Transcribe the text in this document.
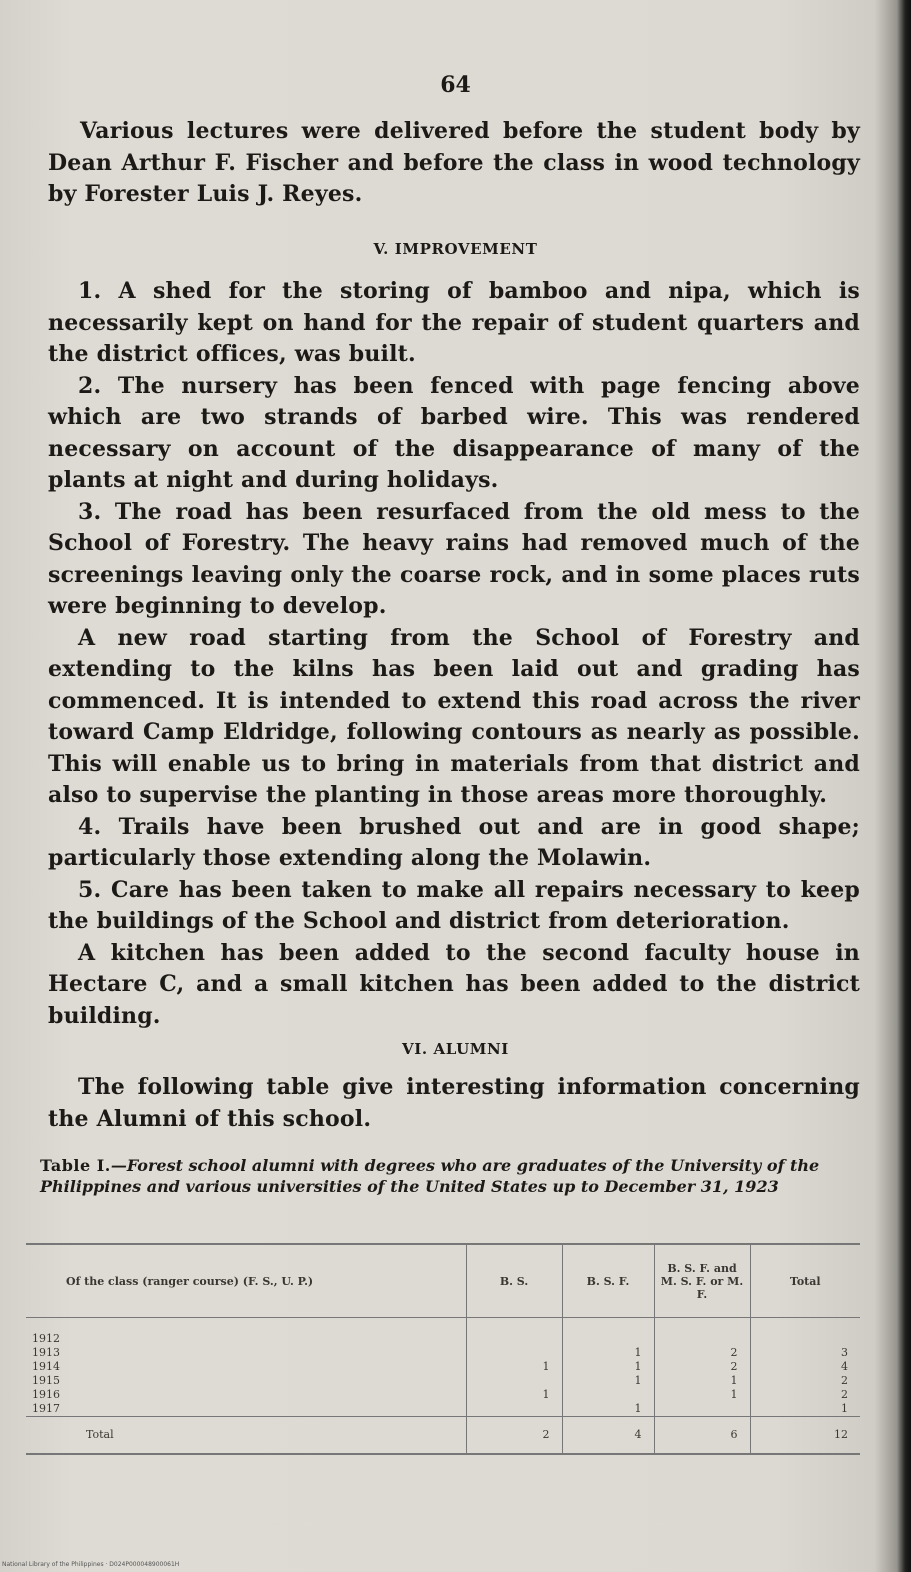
64

Various lectures were delivered before the student body by Dean Arthur F. Fischer and before the class in wood technology by Forester Luis J. Reyes.

V. IMPROVEMENT

1. A shed for the storing of bamboo and nipa, which is necessarily kept on hand for the repair of student quarters and the district offices, was built.

2. The nursery has been fenced with page fencing above which are two strands of barbed wire. This was rendered necessary on account of the disappearance of many of the plants at night and during holidays.

3. The road has been resurfaced from the old mess to the School of Forestry. The heavy rains had removed much of the screenings leaving only the coarse rock, and in some places ruts were beginning to develop.

A new road starting from the School of Forestry and extending to the kilns has been laid out and grading has commenced. It is intended to extend this road across the river toward Camp Eldridge, following contours as nearly as possible. This will enable us to bring in materials from that district and also to supervise the planting in those areas more thoroughly.

4. Trails have been brushed out and are in good shape; particularly those extending along the Molawin.

5. Care has been taken to make all repairs necessary to keep the buildings of the School and district from deterioration.

A kitchen has been added to the second faculty house in Hectare C, and a small kitchen has been added to the district building.

VI. ALUMNI

The following table give interesting information concerning the Alumni of this school.

Table I.—Forest school alumni with degrees who are graduates of the University of the Philippines and various universities of the United States up to December 31, 1923
Of the class (ranger course) (F. S., U. P.)	B. S.	B. S. F.	B. S. F. and M. S. F. or M. F.	Total

1912				
1913		1	2	3
1914	1	1	2	4
1915		1	1	2
1916	1		1	2
1917		1		1
Total	2	4	6	12
National Library of the Philippines · D024P000048900061H
